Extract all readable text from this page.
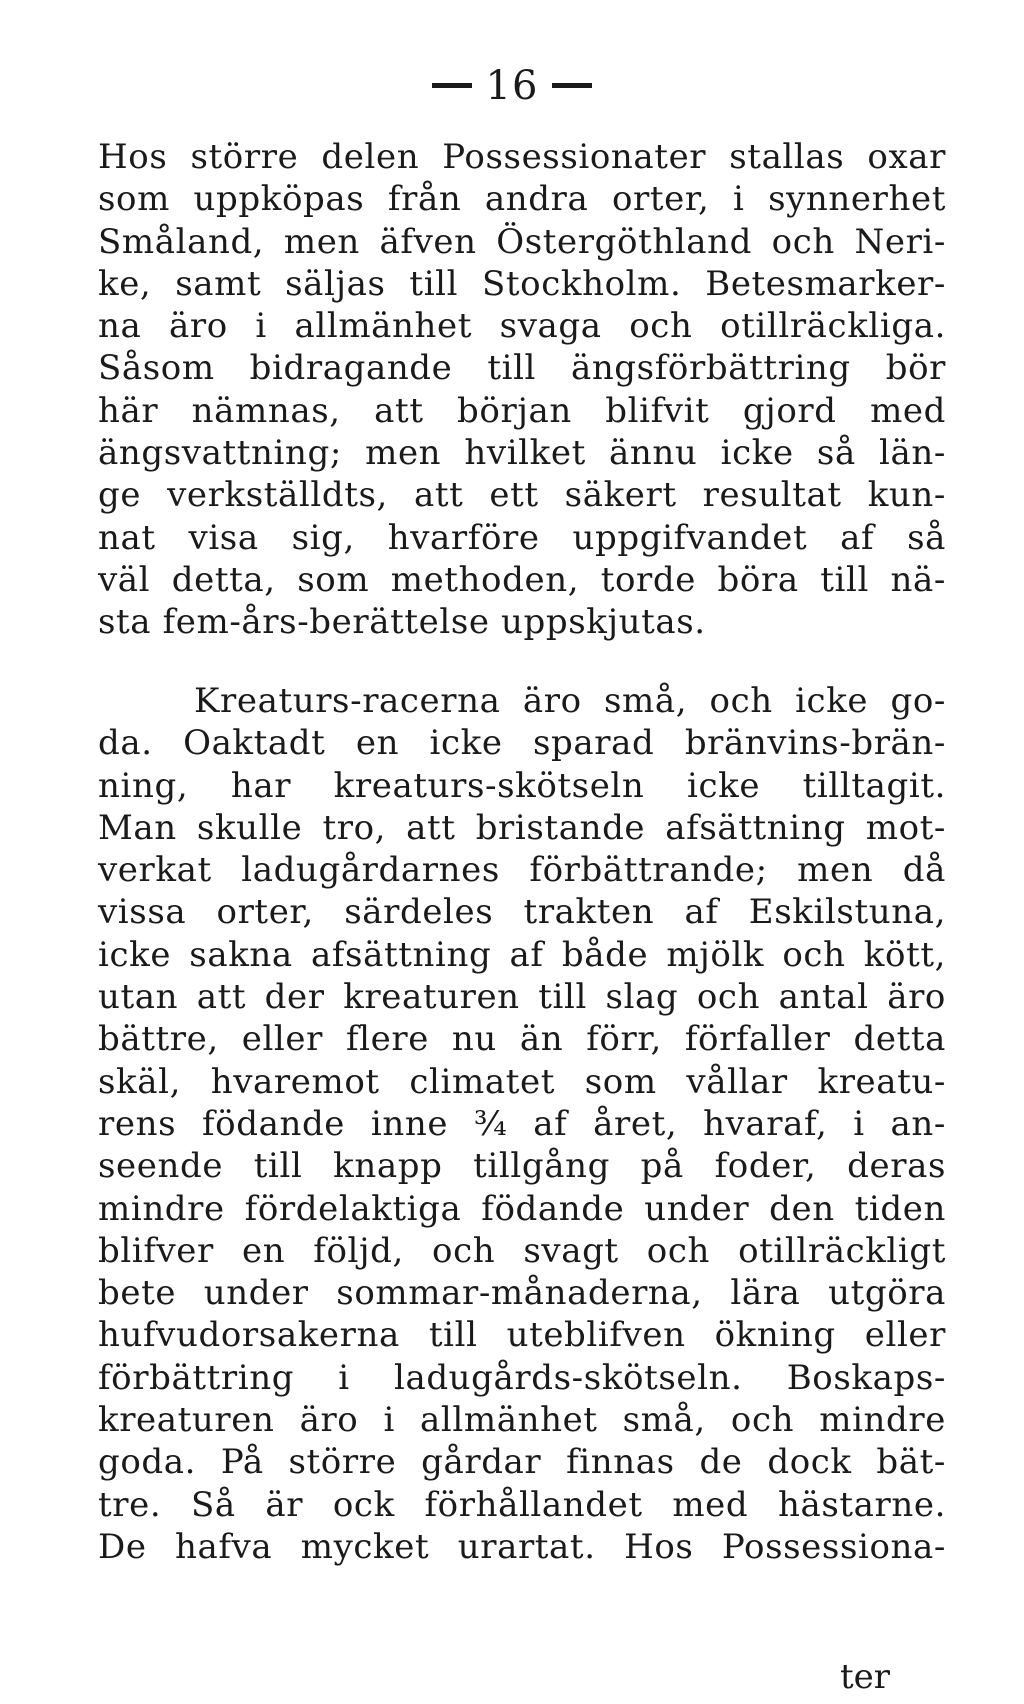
16
Hos större delen Possessionater stallas oxar
som uppköpas från andra orter, i synnerhet
Småland, men äfven Östergöthland och Neri-
ke, samt säljas till Stockholm. Betesmarker-
na äro i allmänhet svaga och otillräckliga.
Såsom bidragande till ängsförbättring bör
här nämnas, att början blifvit gjord med
ängsvattning; men hvilket ännu icke så län-
ge verkställdts, att ett säkert resultat kun-
nat visa sig, hvarföre uppgifvandet af så
väl detta, som methoden, torde böra till nä-
sta fem-års-berättelse uppskjutas.
Kreaturs-racerna äro små, och icke go-
da. Oaktadt en icke sparad bränvins-brän-
ning, har kreaturs-skötseln icke tilltagit.
Man skulle tro, att bristande afsättning mot-
verkat ladugårdarnes förbättrande; men då
vissa orter, särdeles trakten af Eskilstuna,
icke sakna afsättning af både mjölk och kött,
utan att der kreaturen till slag och antal äro
bättre, eller flere nu än förr, förfaller detta
skäl, hvaremot climatet som vållar kreatu-
rens födande inne ¾ af året, hvaraf, i an-
seende till knapp tillgång på foder, deras
mindre fördelaktiga födande under den tiden
blifver en följd, och svagt och otillräckligt
bete under sommar-månaderna, lära utgöra
hufvudorsakerna till uteblifven ökning eller
förbättring i ladugårds-skötseln. Boskaps-
kreaturen äro i allmänhet små, och mindre
goda. På större gårdar finnas de dock bät-
tre. Så är ock förhållandet med hästarne.
De hafva mycket urartat. Hos Possessiona-
ter
